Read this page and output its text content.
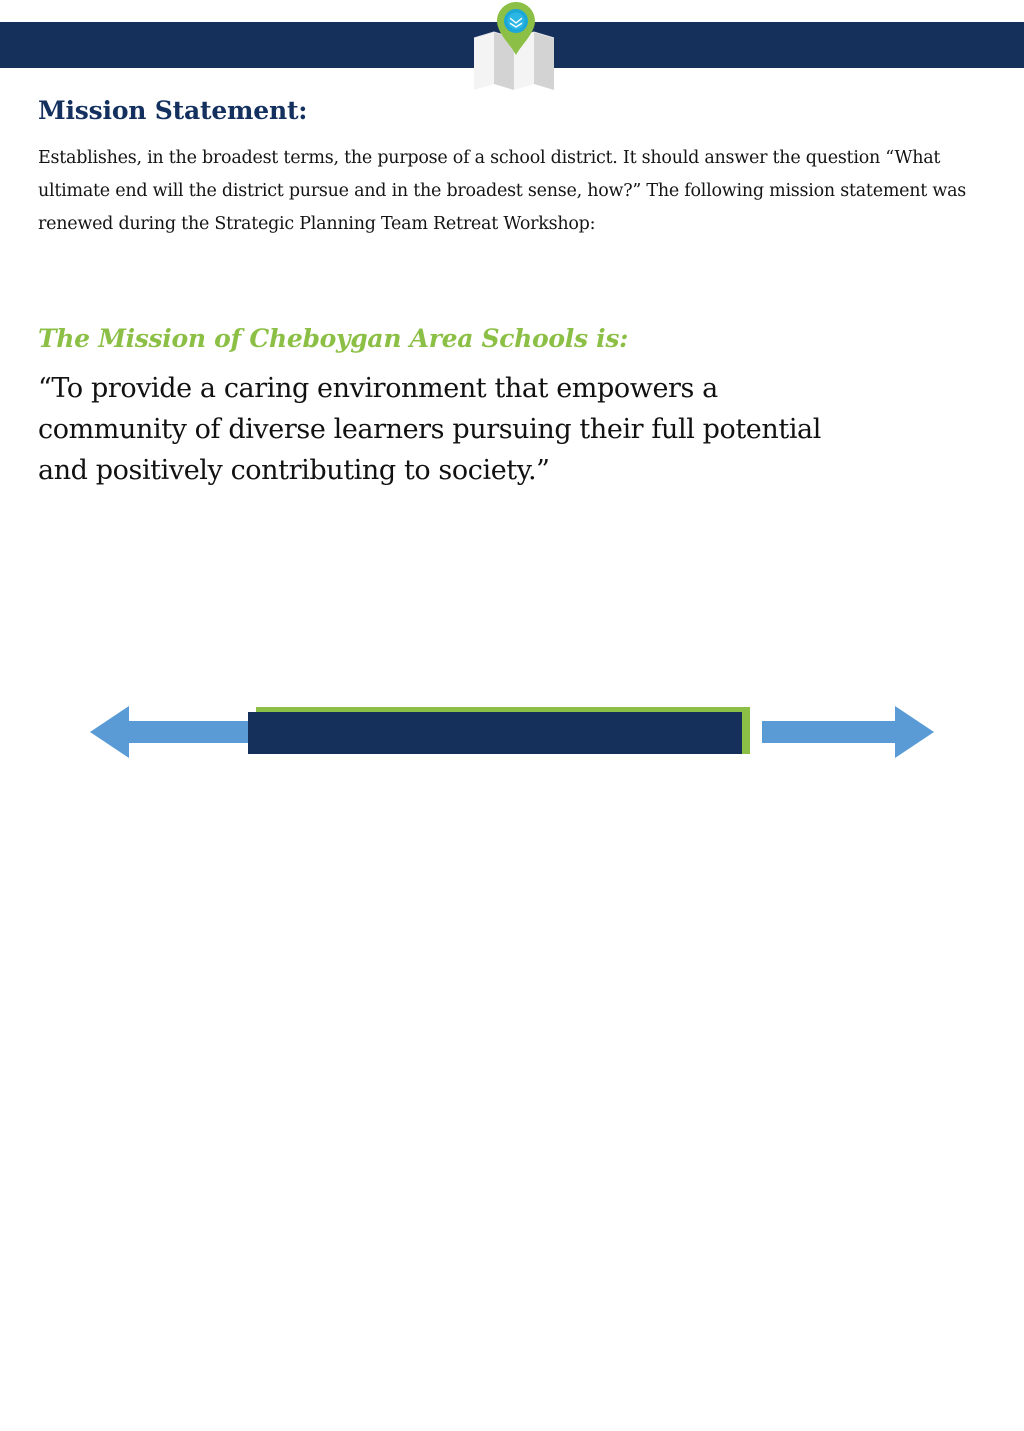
Mission Statement:

Establishes, in the broadest terms, the purpose of a school district. It should answer the question “What ultimate end will the district pursue and in the broadest sense, how?” The following mission statement was renewed during the Strategic Planning Team Retreat Workshop:

The Mission of Cheboygan Area Schools is:

“To provide a caring environment that empowers a community of diverse learners pursuing their full potential and positively contributing to society.”

MICHIGAN ASSOCIATION OF SCHOOL BOARDS
